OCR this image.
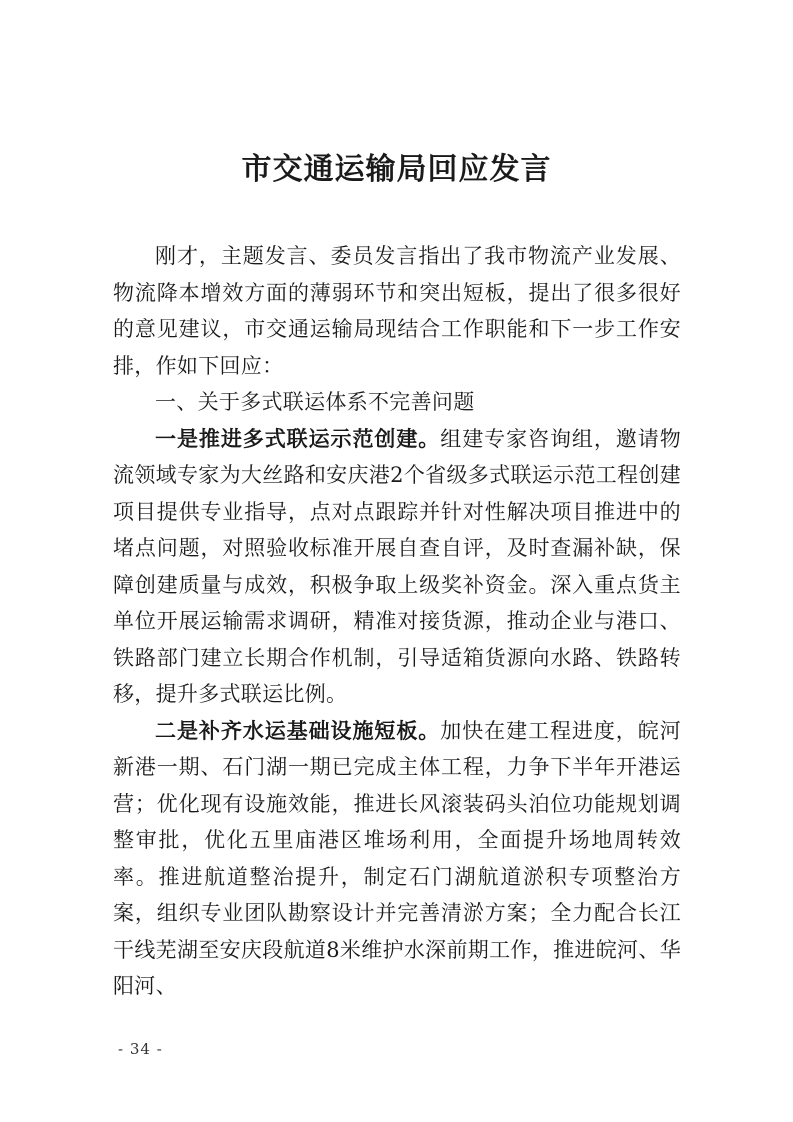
市交通运输局回应发言

刚才，主题发言、委员发言指出了我市物流产业发展、物流降本增效方面的薄弱环节和突出短板，提出了很多很好的意见建议，市交通运输局现结合工作职能和下一步工作安排，作如下回应：

一、关于多式联运体系不完善问题

一是推进多式联运示范创建。组建专家咨询组，邀请物流领域专家为大丝路和安庆港2个省级多式联运示范工程创建项目提供专业指导，点对点跟踪并针对性解决项目推进中的堵点问题，对照验收标准开展自查自评，及时查漏补缺，保障创建质量与成效，积极争取上级奖补资金。深入重点货主单位开展运输需求调研，精准对接货源，推动企业与港口、铁路部门建立长期合作机制，引导适箱货源向水路、铁路转移，提升多式联运比例。

二是补齐水运基础设施短板。加快在建工程进度，皖河新港一期、石门湖一期已完成主体工程，力争下半年开港运营；优化现有设施效能，推进长风滚装码头泊位功能规划调整审批，优化五里庙港区堆场利用，全面提升场地周转效率。推进航道整治提升，制定石门湖航道淤积专项整治方案，组织专业团队勘察设计并完善清淤方案；全力配合长江干线芜湖至安庆段航道8米维护水深前期工作，推进皖河、华阳河、

- 34 -
